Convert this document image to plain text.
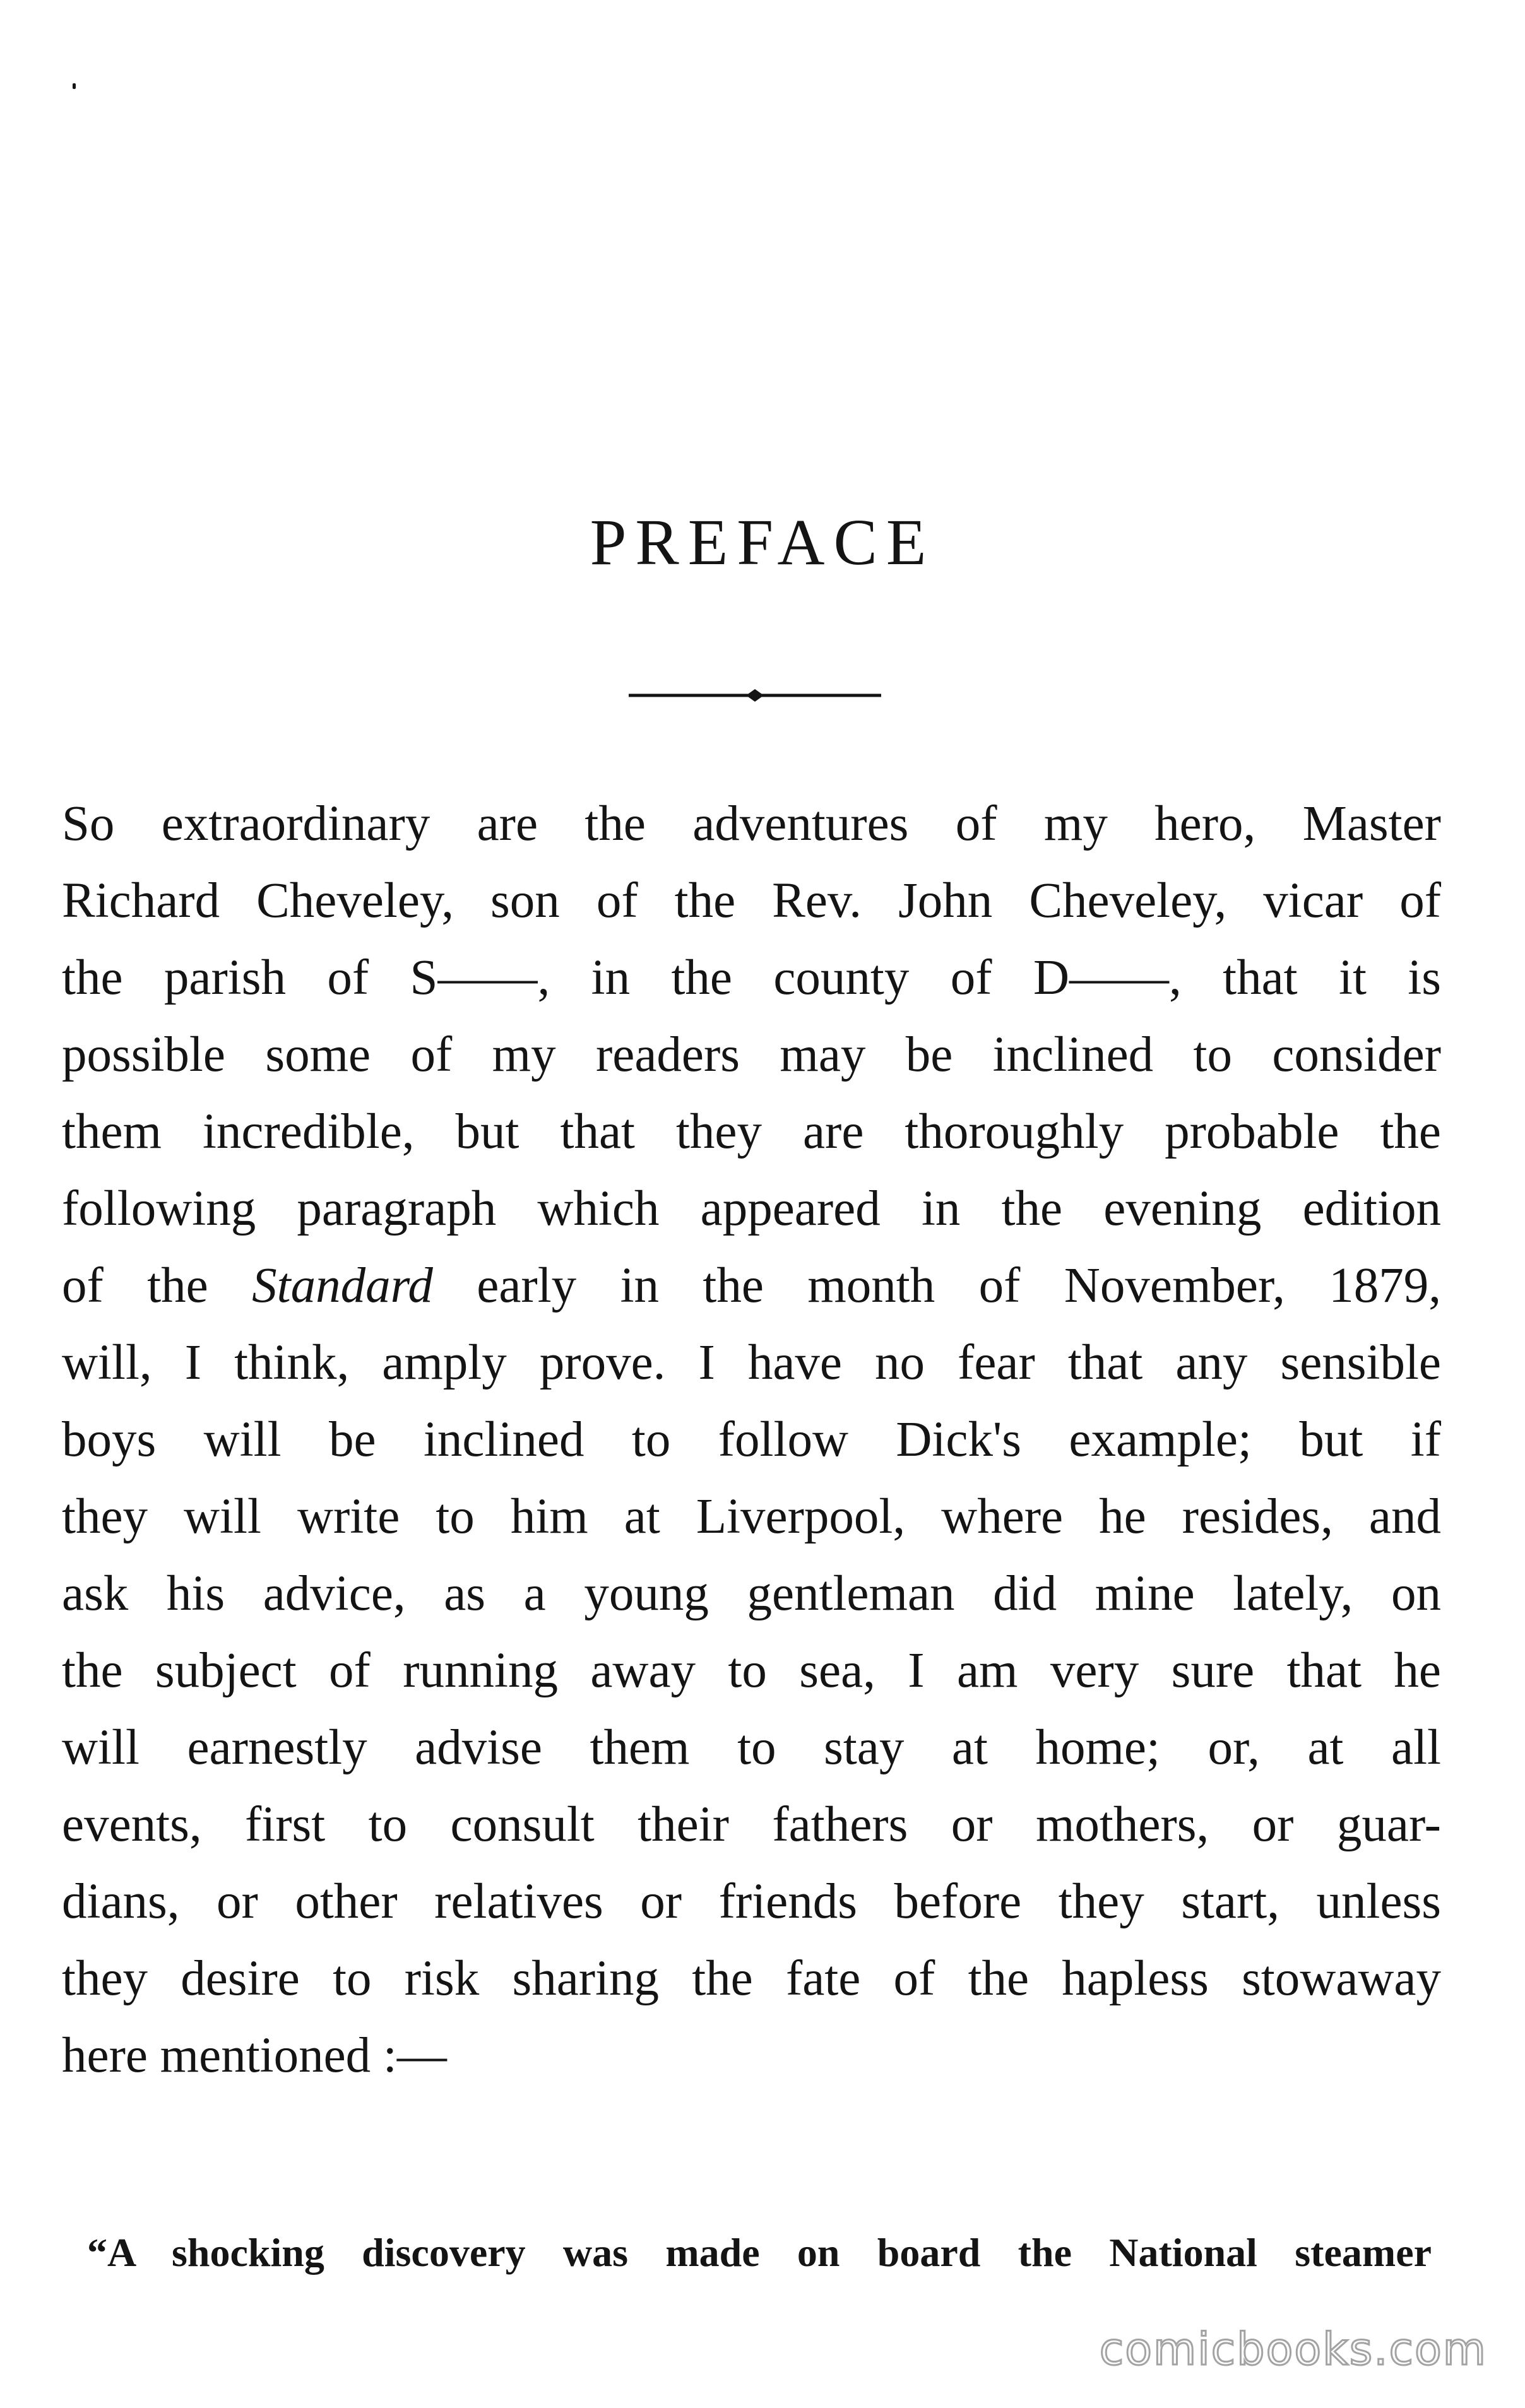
PREFACE

So extraordinary are the adventures of my hero, Master
Richard Cheveley, son of the Rev. John Cheveley, vicar of
the parish of S——, in the county of D——, that it is
possible some of my readers may be inclined to consider
them incredible, but that they are thoroughly probable the
following paragraph which appeared in the evening edition
of the Standard early in the month of November, 1879,
will, I think, amply prove. I have no fear that any sensible
boys will be inclined to follow Dick's example; but if
they will write to him at Liverpool, where he resides, and
ask his advice, as a young gentleman did mine lately, on
the subject of running away to sea, I am very sure that he
will earnestly advise them to stay at home; or, at all
events, first to consult their fathers or mothers, or guar-
dians, or other relatives or friends before they start, unless
they desire to risk sharing the fate of the hapless stowaway
here mentioned :—

“A shocking discovery was made on board the National steamer

comicbooks.com
